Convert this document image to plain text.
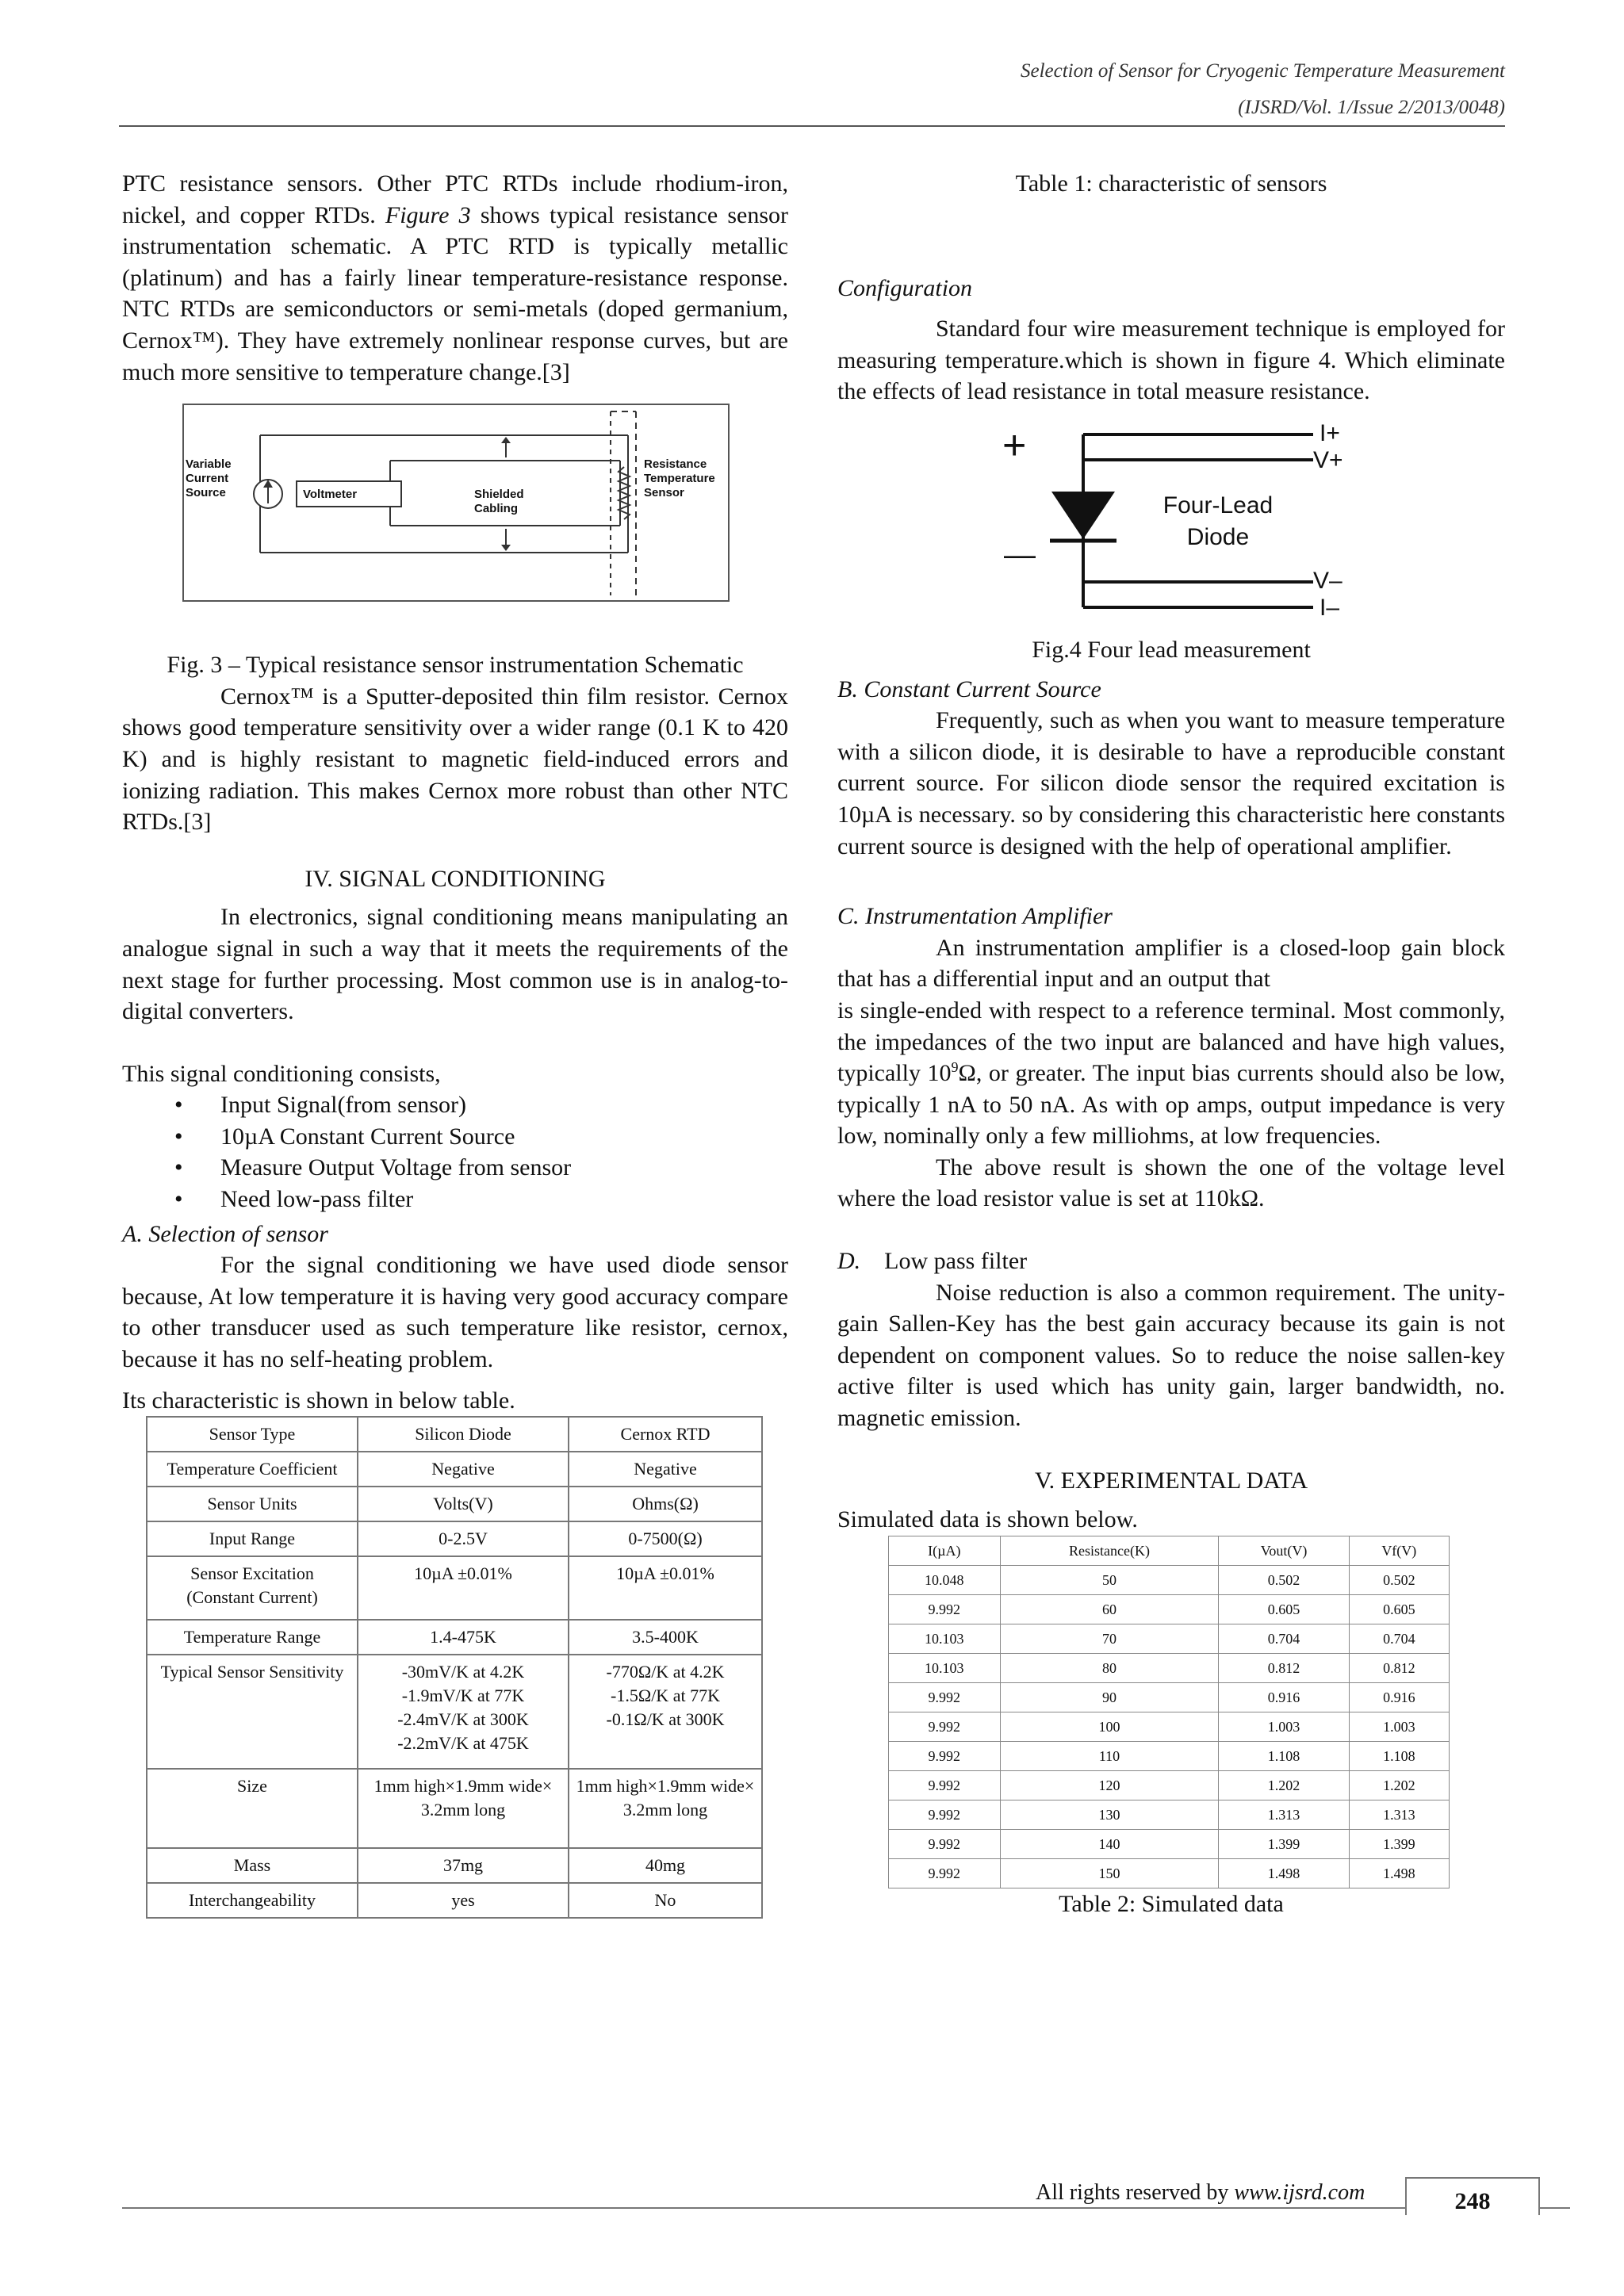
Selection of Sensor for Cryogenic Temperature Measurement
(IJSRD/Vol. 1/Issue 2/2013/0048)

PTC resistance sensors. Other PTC RTDs include rhodium-iron, nickel, and copper RTDs. Figure 3 shows typical resistance sensor instrumentation schematic. A PTC RTD is typically metallic (platinum) and has a fairly linear temperature-resistance response. NTC RTDs are semiconductors or semi-metals (doped germanium, Cernox™). They have extremely nonlinear response curves, but are much more sensitive to temperature change.[3]

Variable Current Source	Voltmeter	Shielded Cabling
Resistance Temperature Sensor

Fig. 3 – Typical resistance sensor instrumentation Schematic

Cernox™ is a Sputter-deposited thin film resistor. Cernox shows good temperature sensitivity over a wider range (0.1 K to 420 K) and is highly resistant to magnetic field-induced errors and ionizing radiation. This makes Cernox more robust than other NTC RTDs.[3]

IV. SIGNAL CONDITIONING

In electronics, signal conditioning means manipulating an analogue signal in such a way that it meets the requirements of the next stage for further processing. Most common use is in analog-to-digital converters.

This signal conditioning consists,

• Input Signal(from sensor)
• 10µA Constant Current Source
• Measure Output Voltage from sensor
• Need low-pass filter

A. Selection of sensor

For the signal conditioning we have used diode sensor because, At low temperature it is having very good accuracy compare to other transducer used as such temperature like resistor, cernox, because it has no self-heating problem.

Its characteristic is shown in below table.

Sensor Type	Silicon Diode	Cernox RTD
Temperature Coefficient	Negative	Negative
Sensor Units	Volts(V)	Ohms(Ω)
Input Range	0-2.5V	0-7500(Ω)
Sensor Excitation
(Constant Current)	10µA ±0.01%	10µA ±0.01%
Temperature Range	1.4-475K	3.5-400K
Typical Sensor Sensitivity	-30mV/K at 4.2K
-1.9mV/K at 77K
-2.4mV/K at 300K
-2.2mV/K at 475K	-770Ω/K at 4.2K
-1.5Ω/K at 77K
-0.1Ω/K at 300K
Size	1mm high×1.9mm wide×
3.2mm long	1mm high×1.9mm wide×
3.2mm long
Mass	37mg	40mg
Interchangeability	yes	No

Table 1: characteristic of sensors

Configuration

Standard four wire measurement technique is employed for measuring temperature.which is shown in figure 4. Which eliminate the effects of lead resistance in total measure resistance.

+
—
I+
V+
V–
I–
Four-Lead
Diode

Fig.4 Four lead measurement

B. Constant Current Source

Frequently, such as when you want to measure temperature with a silicon diode, it is desirable to have a reproducible constant current source. For silicon diode sensor the required excitation is 10µA is necessary. so by considering this characteristic here constants current source is designed with the help of operational amplifier.

C. Instrumentation Amplifier

An instrumentation amplifier is a closed-loop gain block that has a differential input and an output that

is single-ended with respect to a reference terminal. Most commonly, the impedances of the two input are balanced and have high values, typically $10^9\Omega$, or greater. The input bias currents should also be low, typically 1 nA to 50 nA. As with op amps, output impedance is very low, nominally only a few milliohms, at low frequencies.

The above result is shown the one of the voltage level where the load resistor value is set at 110kΩ.

D. Low pass filter

Noise reduction is also a common requirement. The unity-gain Sallen-Key has the best gain accuracy because its gain is not dependent on component values. So to reduce the noise sallen-key active filter is used which has unity gain, larger bandwidth, no. magnetic emission.

V. EXPERIMENTAL DATA

Simulated data is shown below.

I(µA)	Resistance(K)	Vout(V)	Vf(V)
10.048	50	0.502	0.502
9.992	60	0.605	0.605
10.103	70	0.704	0.704
10.103	80	0.812	0.812
9.992	90	0.916	0.916
9.992	100	1.003	1.003
9.992	110	1.108	1.108
9.992	120	1.202	1.202
9.992	130	1.313	1.313
9.992	140	1.399	1.399
9.992	150	1.498	1.498

Table 2: Simulated data

All rights reserved by www.ijsrd.com	248
